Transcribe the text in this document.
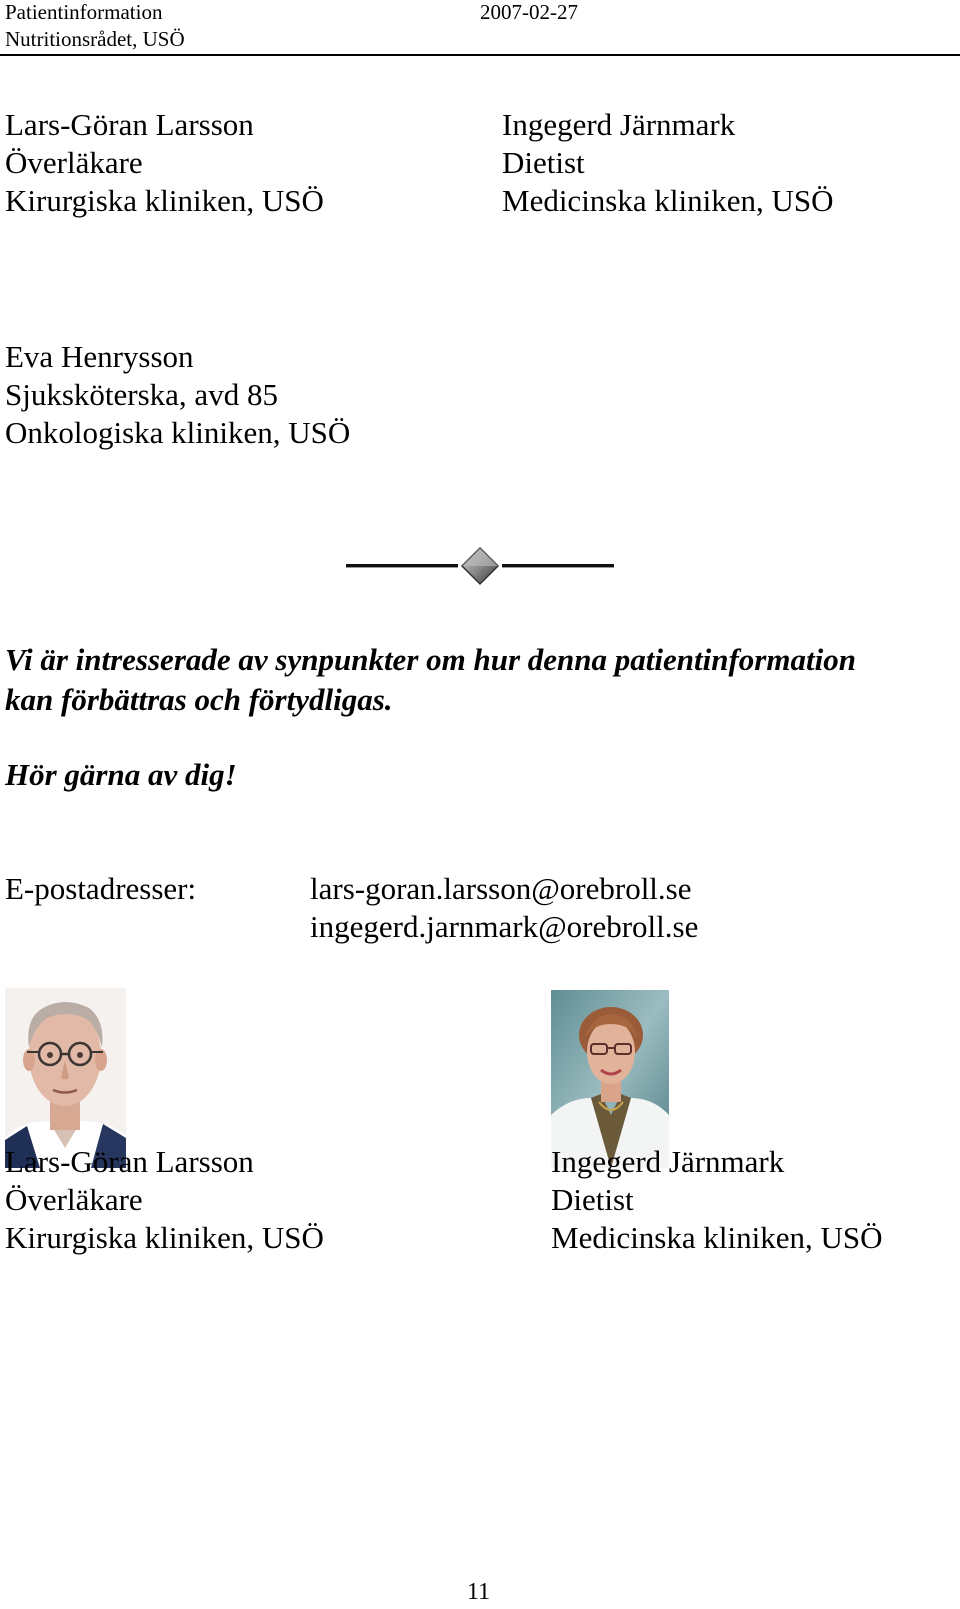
Patientinformation
Nutritionsrådet, USÖ
2007-02-27
Lars-Göran Larsson
Överläkare
Kirurgiska kliniken, USÖ
Ingegerd Järnmark
Dietist
Medicinska kliniken, USÖ
Eva Henrysson
Sjuksköterska, avd 85
Onkologiska kliniken, USÖ
Vi är intresserade av synpunkter om hur denna patientinformation
kan förbättras och förtydligas.
Hör gärna av dig!
E-postadresser:	lars-goran.larsson@orebroll.se
ingegerd.jarnmark@orebroll.se
Lars-Göran Larsson
Överläkare
Kirurgiska kliniken, USÖ
Ingegerd Järnmark
Dietist
Medicinska kliniken, USÖ
11
